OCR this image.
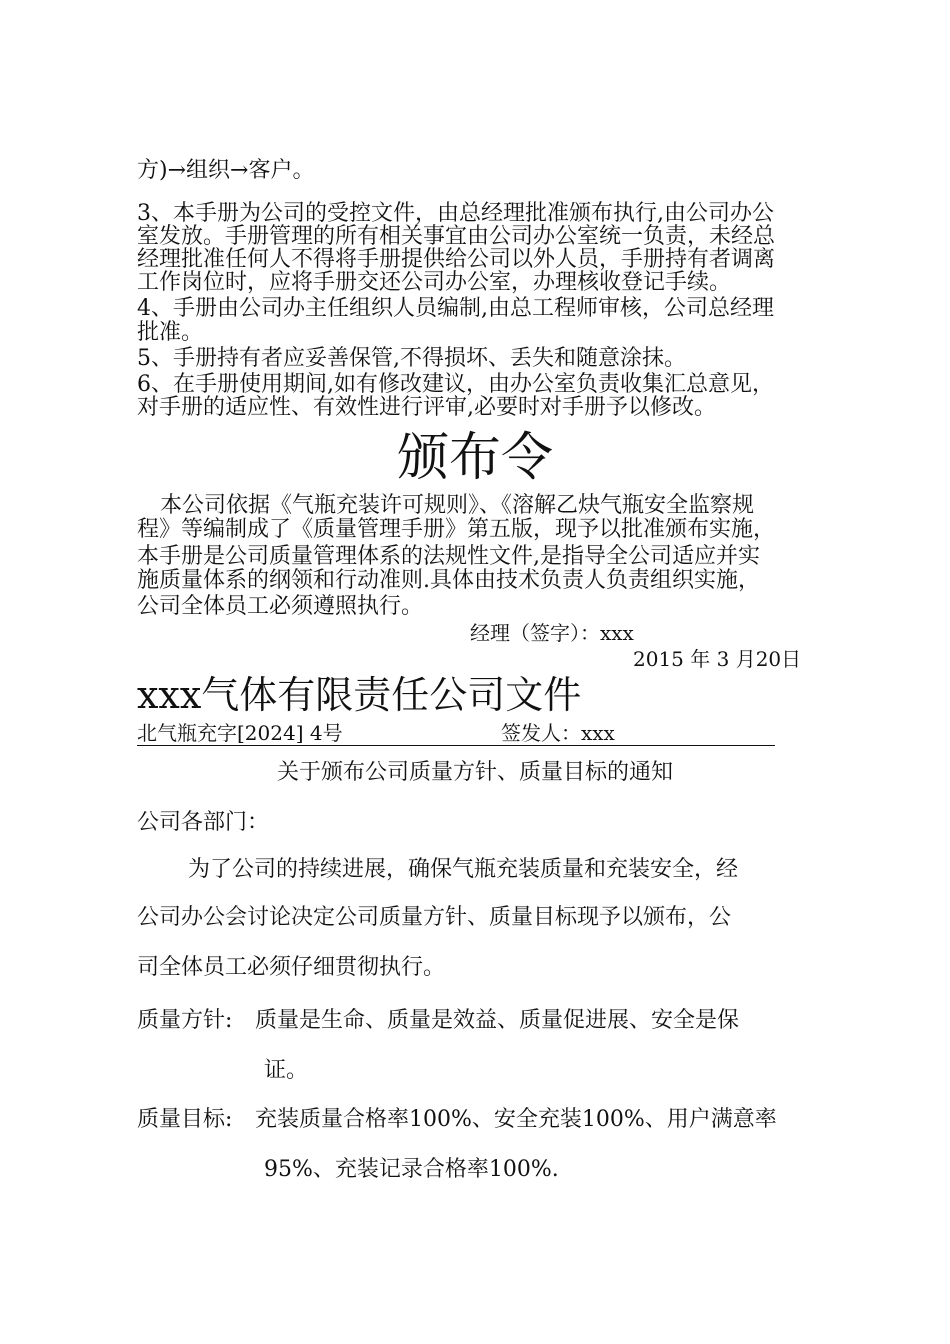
方)→组织→客户。
3、本手册为公司的受控文件，由总经理批准颁布执行,由公司办公
室发放。手册管理的所有相关事宜由公司办公室统一负责，未经总
经理批准任何人不得将手册提供给公司以外人员，手册持有者调离
工作岗位时，应将手册交还公司办公室，办理核收登记手续。
4、手册由公司办主任组织人员编制,由总工程师审核，公司总经理
批准。
5、手册持有者应妥善保管,不得损坏、丢失和随意涂抹。
6、在手册使用期间,如有修改建议，由办公室负责收集汇总意见，
对手册的适应性、有效性进行评审,必要时对手册予以修改。
颁布令
本公司依据《气瓶充装许可规则》、《溶解乙炔气瓶安全监察规
程》等编制成了《质量管理手册》第五版，现予以批准颁布实施，
本手册是公司质量管理体系的法规性文件,是指导全公司适应并实
施质量体系的纲领和行动准则.具体由技术负责人负责组织实施，
公司全体员工必须遵照执行。
经理（签字）：xxx
2015 年 3 月20日
xxx气体有限责任公司文件
北气瓶充字[2024] 4号	签发人：xxx
关于颁布公司质量方针、质量目标的通知
公司各部门：
为了公司的持续进展，确保气瓶充装质量和充装安全，经
公司办公会讨论决定公司质量方针、质量目标现予以颁布，公
司全体员工必须仔细贯彻执行。
质量方针: 质量是生命、质量是效益、质量促进展、安全是保
证。
质量目标: 充装质量合格率100%、安全充装100%、用户满意率
95%、充装记录合格率100%.
